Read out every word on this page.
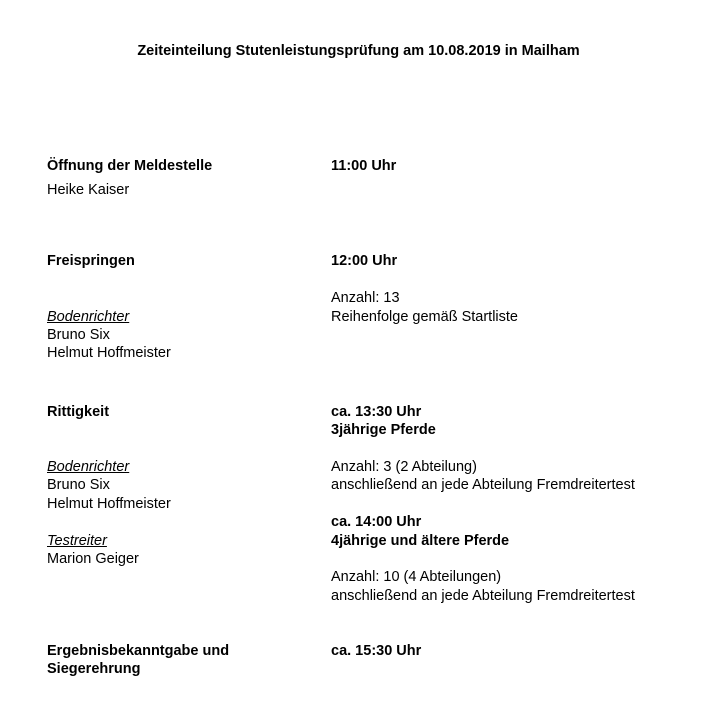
Zeiteinteilung Stutenleistungsprüfung am 10.08.2019 in Mailham
Öffnung der Meldestelle
Heike Kaiser
11:00 Uhr
Freispringen
Bodenrichter
Bruno Six
Helmut Hoffmeister
12:00 Uhr
Anzahl: 13
Reihenfolge gemäß Startliste
Rittigkeit
Bodenrichter
Bruno Six
Helmut Hoffmeister
Testreiter
Marion Geiger
ca. 13:30 Uhr
3jährige Pferde
Anzahl: 3 (2 Abteilung)
anschließend an jede Abteilung Fremdreitertest
ca. 14:00 Uhr
4jährige und ältere Pferde
Anzahl: 10 (4 Abteilungen)
anschließend an jede Abteilung Fremdreitertest
Ergebnisbekanntgabe und
Siegerehrung
ca. 15:30 Uhr
